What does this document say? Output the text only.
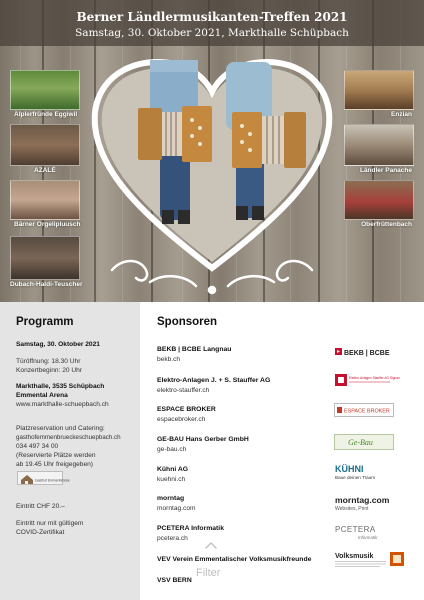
Älplerfründe Eggiwil
AZALÉ
Bärner Orgelipluusch
Dubach-Haldi-Teuscher
Enzian
Ländler Panache
Oberfrüttenbach
Berner Ländlermusikanten-Treffen 2021
Samstag, 30. Oktober 2021, Markthalle Schüpbach
Programm	Sponsoren
Samstag, 30. Oktober 2021
Türöffnung: 18.30 Uhr
Konzertbeginn: 20 Uhr
Markthalle, 3535 Schüpbach
Emmental Arena
www.markthalle-schuepbach.ch
Platzreservation und Catering:
gasthofemmenbrueckeschuepbach.ch
034 497 34 00
(Reservierte Plätze werden
ab 19.45 Uhr freigegeben)
Gasthof Emmenbrücke
Eintritt CHF 20.–
Eintritt nur mit gültigem
COVID-Zertifikat
BEKB | BCBE Langnau
bekb.ch
Elektro-Anlagen J. + S. Stauffer AG
elektro-stauffer.ch
ESPACE BROKER
espacebroker.ch
GE-BAU Hans Gerber GmbH
ge-bau.ch
Kühni AG
kuehni.ch
morntag
morntag.com
PCETERA Informatik
pcetera.ch
VEV Verein Emmentalischer Volksmusikfreunde
VSV BERN
BEKB | BCBE
Elektro-Anlagen Stauffer AG Signau
ESPACE BROKER
Ge-Bau
KÜHNI
Baue deinen Traum
morntag.com
Websites, Print
PCETERA
Informatik
Volksmusik
Filter
